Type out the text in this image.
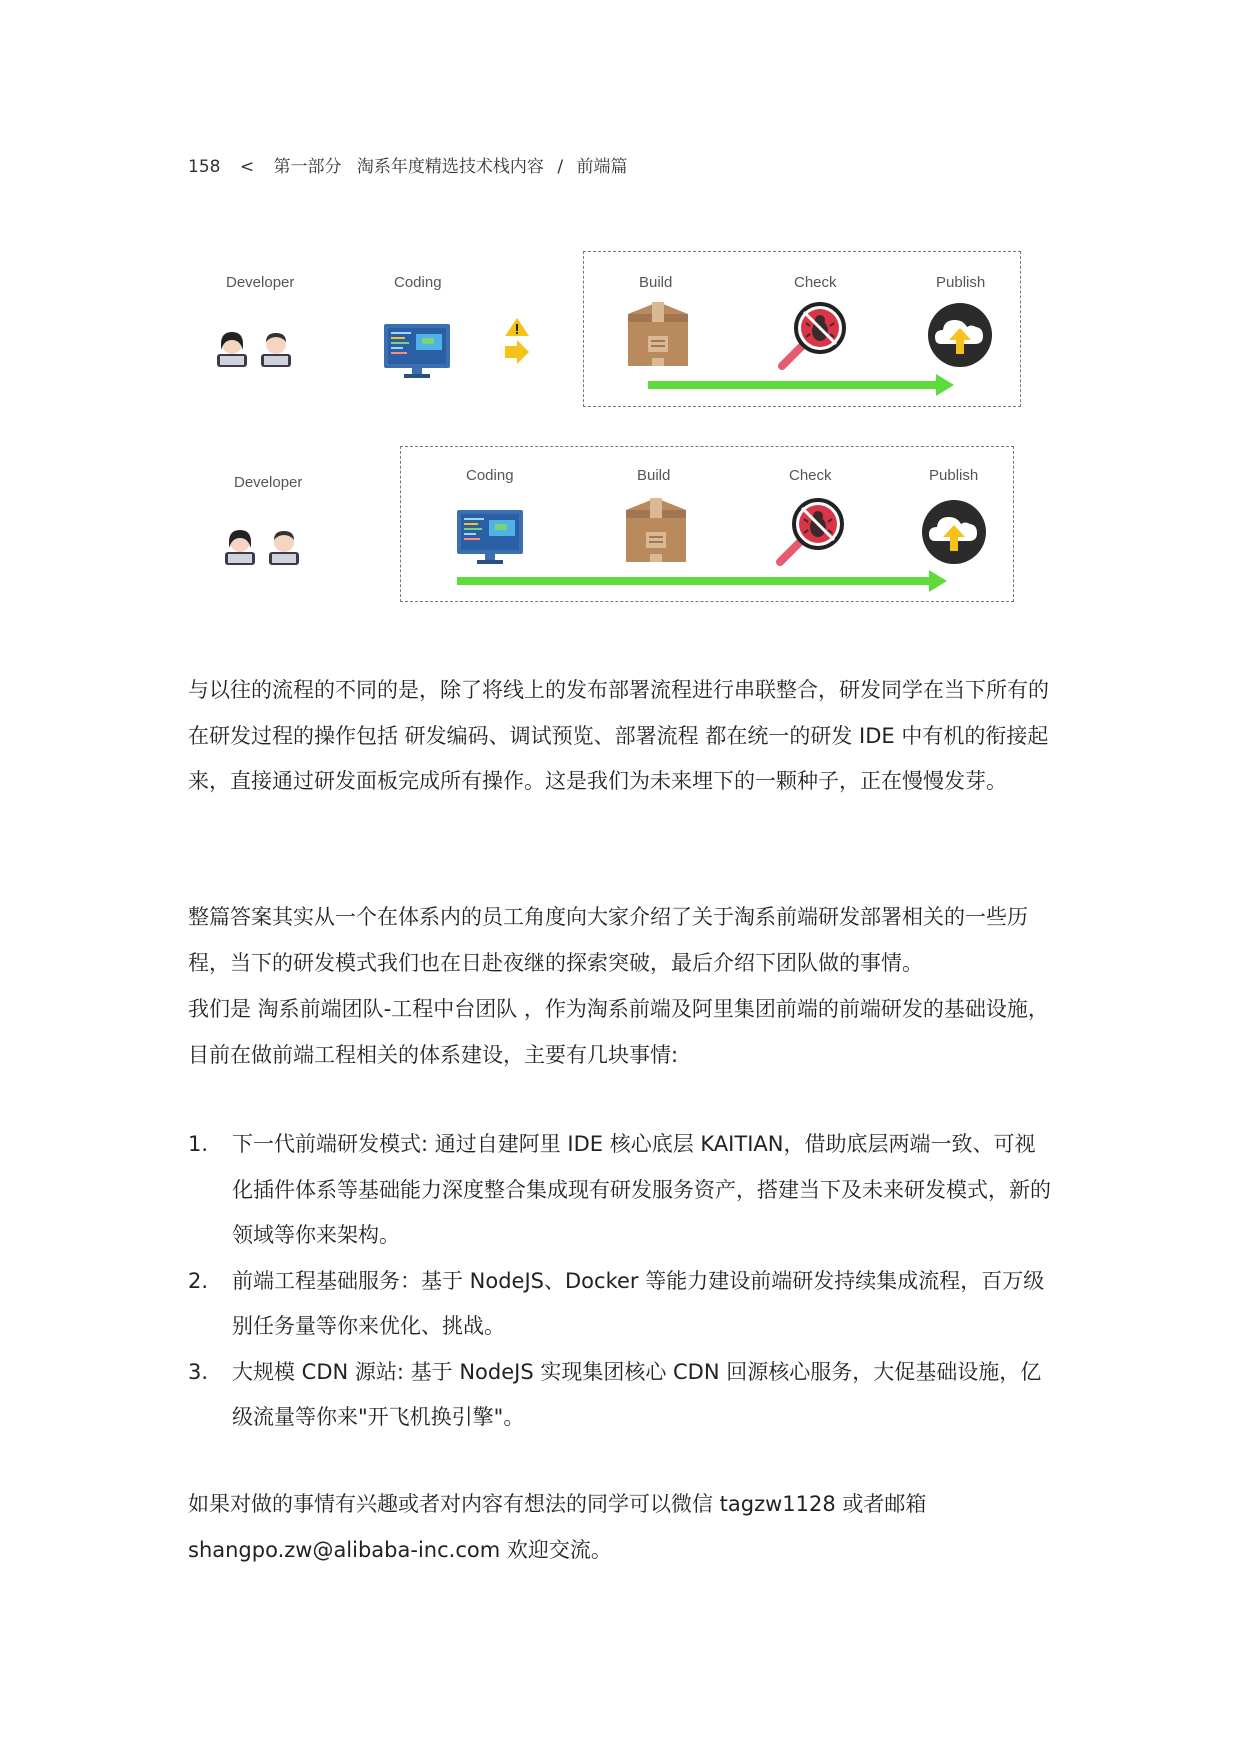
158 < 第一部分 淘系年度精选技术栈内容 / 前端篇
Developer	Coding	Build	Check	Publish
Developer	Coding	Build	Check	Publish
与以往的流程的不同的是，除了将线上的发布部署流程进行串联整合，研发同学在当下所有的在研发过程的操作包括 研发编码、调试预览、部署流程 都在统一的研发 IDE 中有机的衔接起来，直接通过研发面板完成所有操作。这是我们为未来埋下的一颗种子，正在慢慢发芽。
整篇答案其实从一个在体系内的员工角度向大家介绍了关于淘系前端研发部署相关的一些历程，当下的研发模式我们也在日赴夜继的探索突破，最后介绍下团队做的事情。
我们是 淘系前端团队-工程中台团队 ，作为淘系前端及阿里集团前端的前端研发的基础设施，目前在做前端工程相关的体系建设，主要有几块事情:
1. 下一代前端研发模式: 通过自建阿里 IDE 核心底层 KAITIAN，借助底层两端一致、可视化插件体系等基础能力深度整合集成现有研发服务资产，搭建当下及未来研发模式，新的领域等你来架构。
2. 前端工程基础服务：基于 NodeJS、Docker 等能力建设前端研发持续集成流程，百万级别任务量等你来优化、挑战。
3. 大规模 CDN 源站: 基于 NodeJS 实现集团核心 CDN 回源核心服务，大促基础设施，亿级流量等你来"开飞机换引擎"。
如果对做的事情有兴趣或者对内容有想法的同学可以微信 tagzw1128 或者邮箱 shangpo.zw@alibaba-inc.com 欢迎交流。
